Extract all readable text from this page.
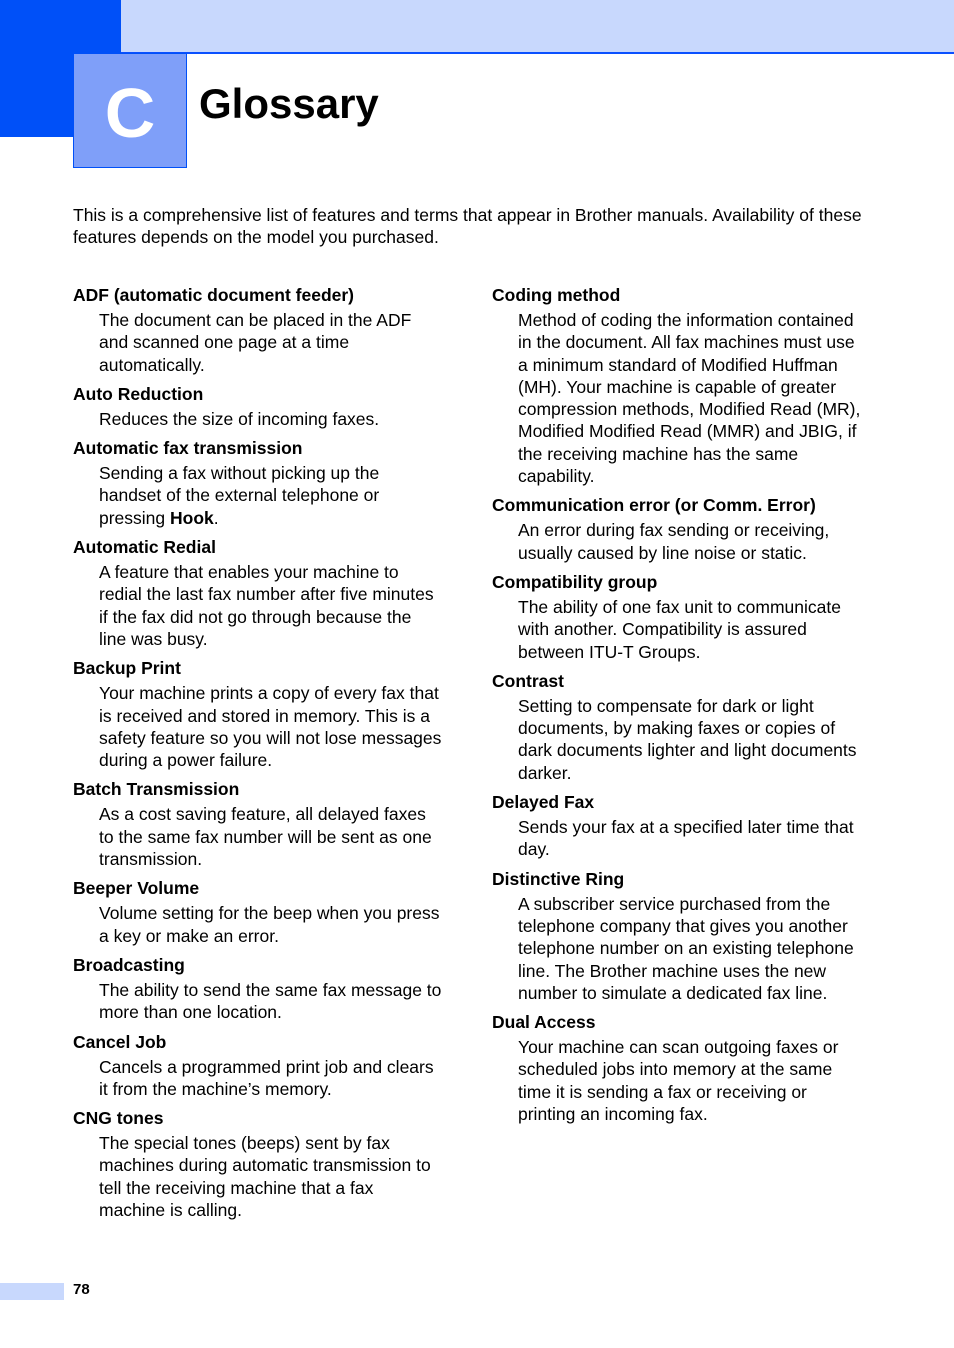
C Glossary

This is a comprehensive list of features and terms that appear in Brother manuals. Availability of these features depends on the model you purchased.

ADF (automatic document feeder)

The document can be placed in the ADF and scanned one page at a time automatically.

Auto Reduction

Reduces the size of incoming faxes.

Automatic fax transmission

Sending a fax without picking up the handset of the external telephone or pressing Hook.

Automatic Redial

A feature that enables your machine to redial the last fax number after five minutes if the fax did not go through because the line was busy.

Backup Print

Your machine prints a copy of every fax that is received and stored in memory. This is a safety feature so you will not lose messages during a power failure.

Batch Transmission

As a cost saving feature, all delayed faxes to the same fax number will be sent as one transmission.

Beeper Volume

Volume setting for the beep when you press a key or make an error.

Broadcasting

The ability to send the same fax message to more than one location.

Cancel Job

Cancels a programmed print job and clears it from the machine’s memory.

CNG tones

The special tones (beeps) sent by fax machines during automatic transmission to tell the receiving machine that a fax machine is calling.

Coding method

Method of coding the information contained in the document. All fax machines must use a minimum standard of Modified Huffman (MH). Your machine is capable of greater compression methods, Modified Read (MR), Modified Modified Read (MMR) and JBIG, if the receiving machine has the same capability.

Communication error (or Comm. Error)

An error during fax sending or receiving, usually caused by line noise or static.

Compatibility group

The ability of one fax unit to communicate with another. Compatibility is assured between ITU-T Groups.

Contrast

Setting to compensate for dark or light documents, by making faxes or copies of dark documents lighter and light documents darker.

Delayed Fax

Sends your fax at a specified later time that day.

Distinctive Ring

A subscriber service purchased from the telephone company that gives you another telephone number on an existing telephone line. The Brother machine uses the new number to simulate a dedicated fax line.

Dual Access

Your machine can scan outgoing faxes or scheduled jobs into memory at the same time it is sending a fax or receiving or printing an incoming fax.

78
